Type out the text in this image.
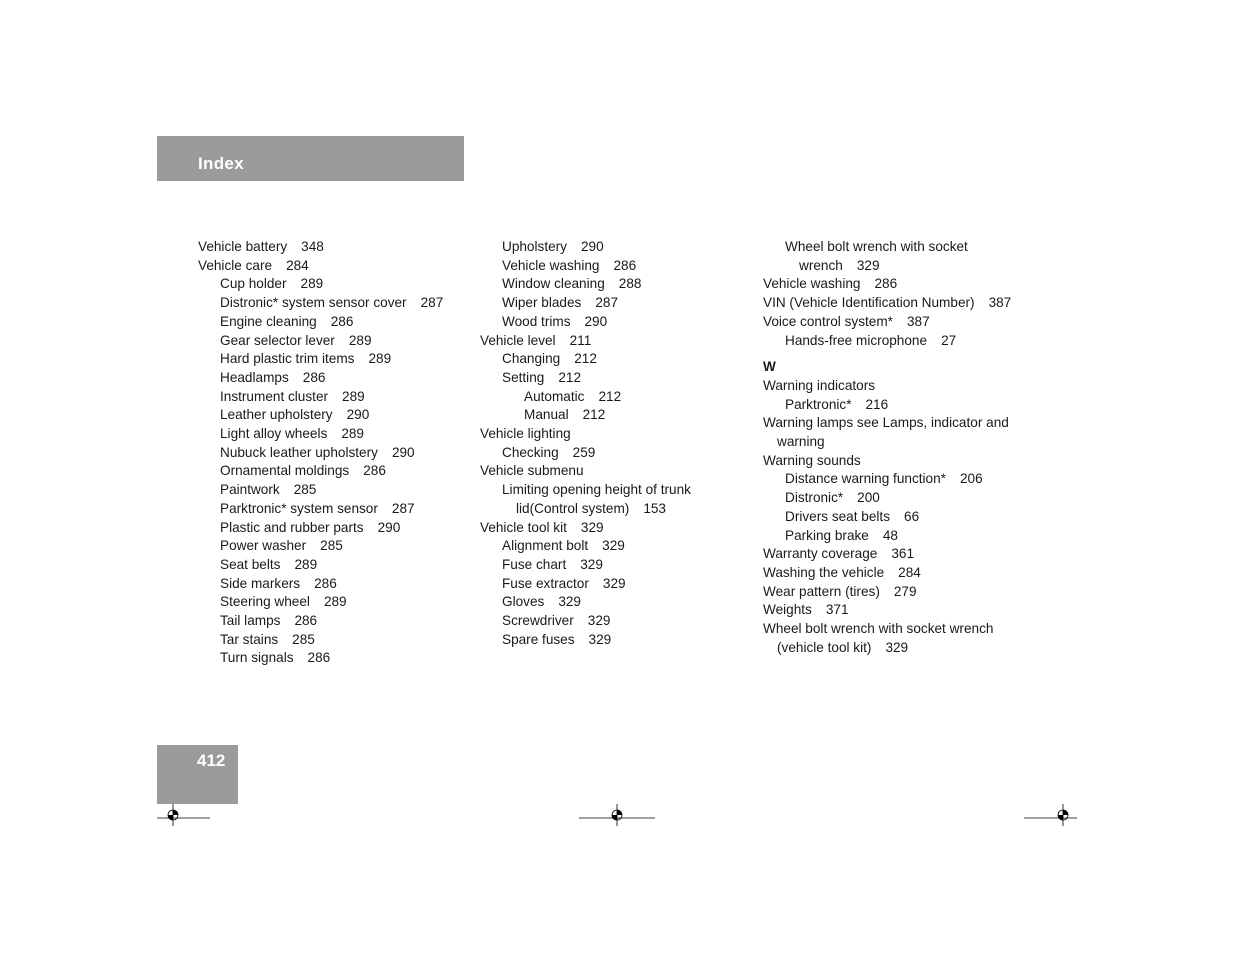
Index
Vehicle battery 348
Vehicle care 284
Cup holder 289
Distronic* system sensor cover 287
Engine cleaning 286
Gear selector lever 289
Hard plastic trim items 289
Headlamps 286
Instrument cluster 289
Leather upholstery 290
Light alloy wheels 289
Nubuck leather upholstery 290
Ornamental moldings 286
Paintwork 285
Parktronic* system sensor 287
Plastic and rubber parts 290
Power washer 285
Seat belts 289
Side markers 286
Steering wheel 289
Tail lamps 286
Tar stains 285
Turn signals 286
Upholstery 290
Vehicle washing 286
Window cleaning 288
Wiper blades 287
Wood trims 290
Vehicle level 211
Changing 212
Setting 212
Automatic 212
Manual 212
Vehicle lighting
Checking 259
Vehicle submenu
Limiting opening height of trunk
lid(Control system) 153
Vehicle tool kit 329
Alignment bolt 329
Fuse chart 329
Fuse extractor 329
Gloves 329
Screwdriver 329
Spare fuses 329
Wheel bolt wrench with socket
wrench 329
Vehicle washing 286
VIN (Vehicle Identification Number) 387
Voice control system* 387
Hands-free microphone 27
W
Warning indicators
Parktronic* 216
Warning lamps see Lamps, indicator and
warning
Warning sounds
Distance warning function* 206
Distronic* 200
Drivers seat belts 66
Parking brake 48
Warranty coverage 361
Washing the vehicle 284
Wear pattern (tires) 279
Weights 371
Wheel bolt wrench with socket wrench
(vehicle tool kit) 329
412
